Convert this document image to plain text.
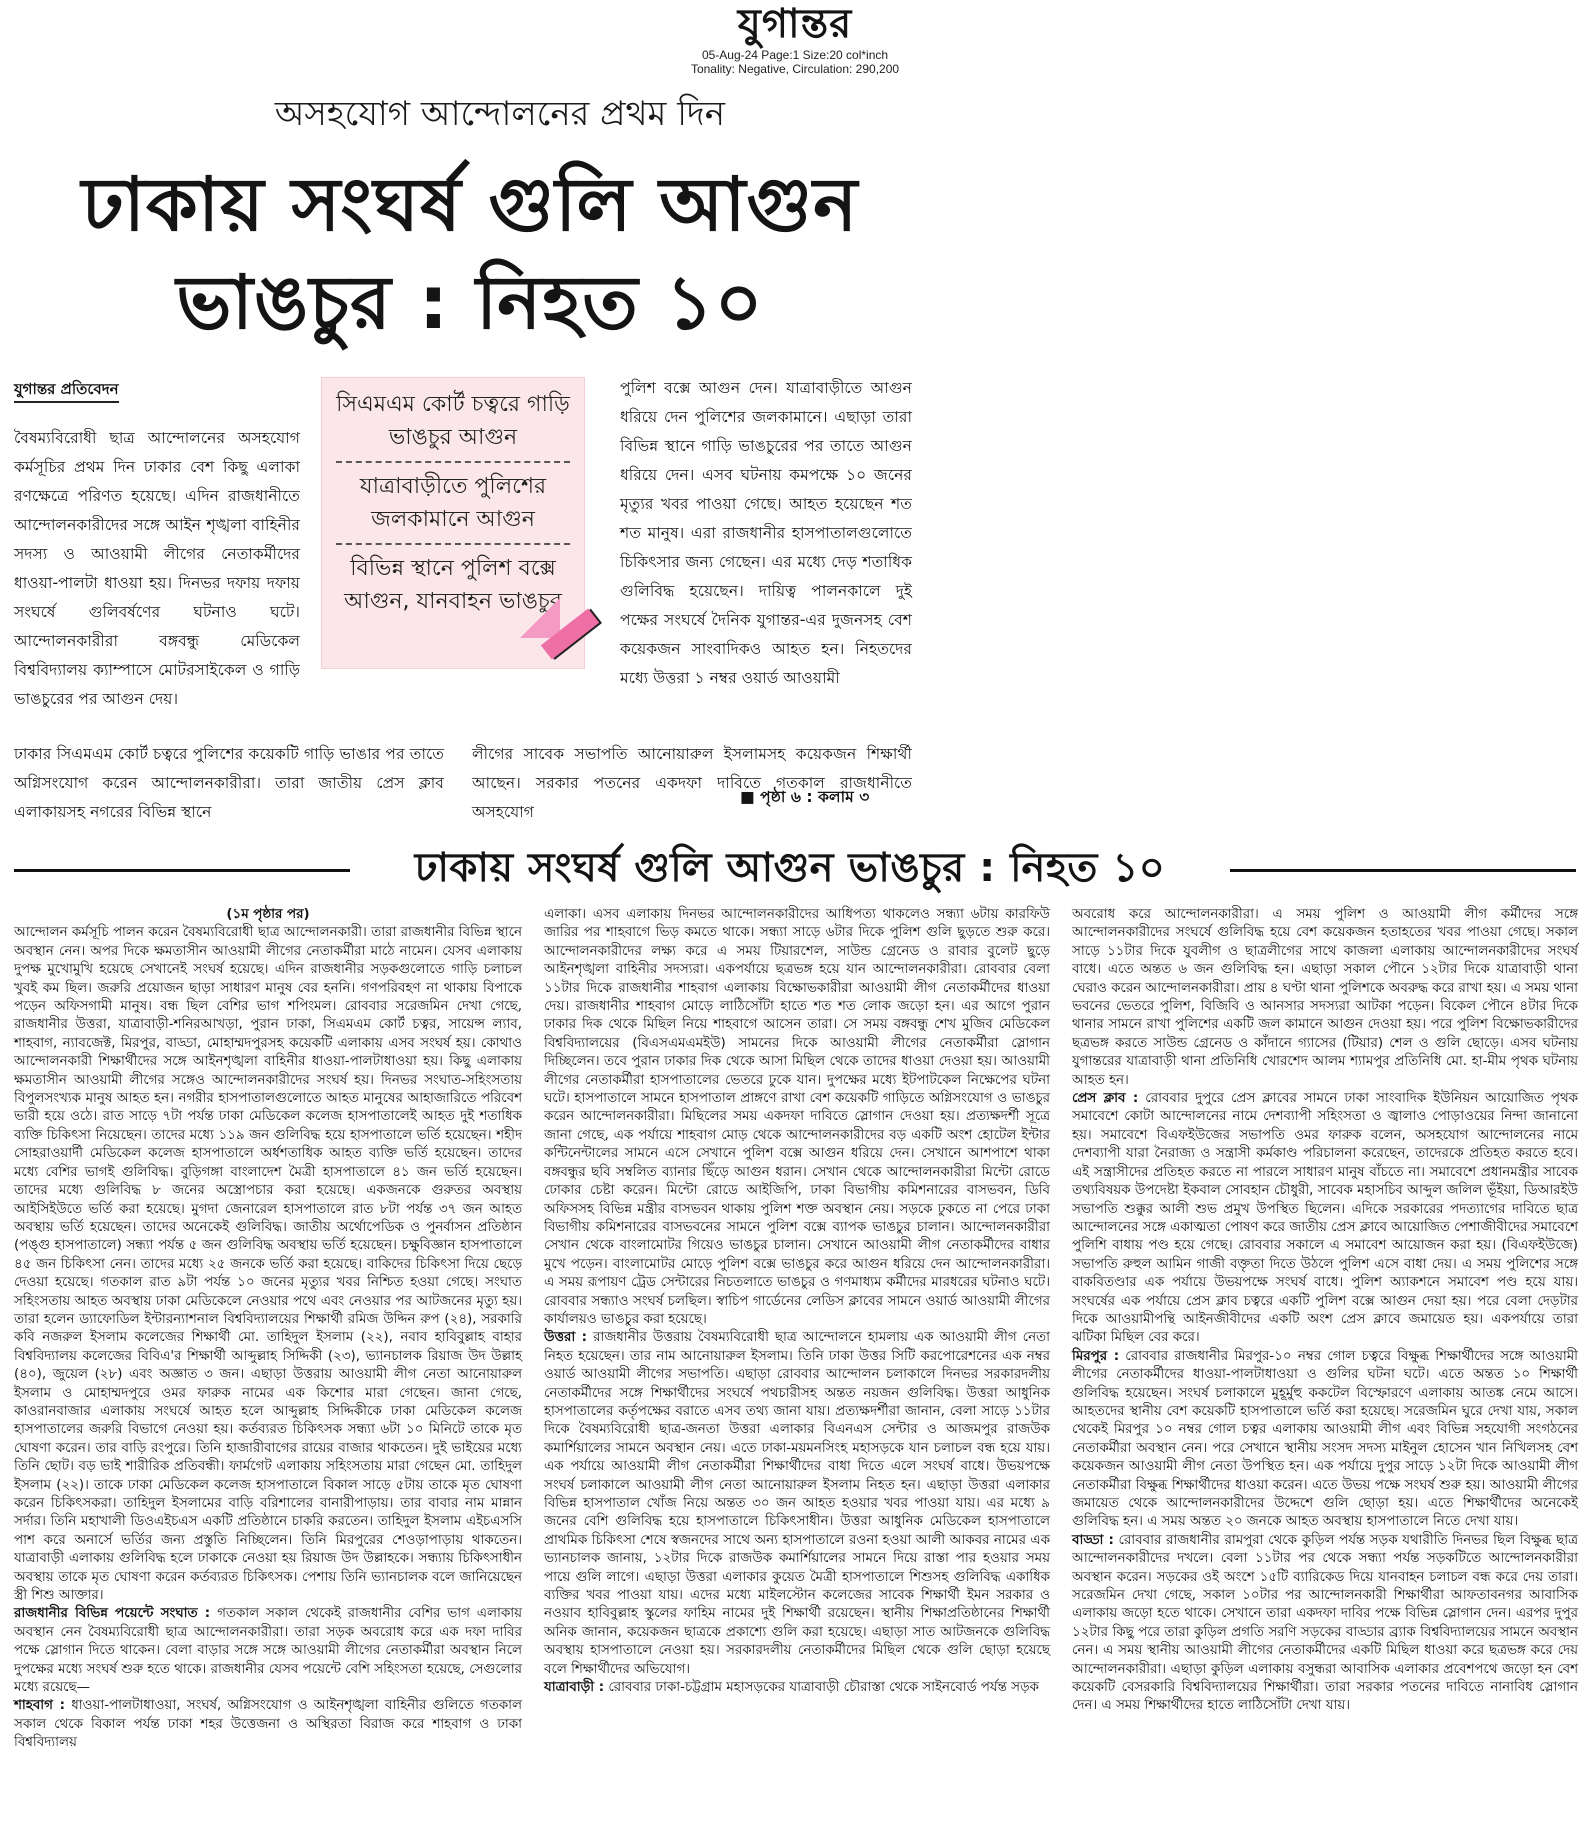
যুগান্তর
05-Aug-24 Page:1 Size:20 col*inch
Tonality: Negative, Circulation: 290,200
অসহযোগ আন্দোলনের প্রথম দিন
ঢাকায় সংঘর্ষ গুলি আগুন
ভাঙচুর : নিহত ১০
যুগান্তর প্রতিবেদন

বৈষম্যবিরোধী ছাত্র আন্দোলনের অসহযোগ কর্মসূচির প্রথম দিন ঢাকার বেশ কিছু এলাকা রণক্ষেত্রে পরিণত হয়েছে। এদিন রাজধানীতে আন্দোলনকারীদের সঙ্গে আইন শৃঙ্খলা বাহিনীর সদস্য ও আওয়ামী লীগের নেতাকর্মীদের ধাওয়া-পালটা ধাওয়া হয়। দিনভর দফায় দফায় সংঘর্ষে গুলিবর্ষণের ঘটনাও ঘটে। আন্দোলনকারীরা বঙ্গবন্ধু মেডিকেল বিশ্ববিদ্যালয় ক্যাম্পাসে মোটরসাইকেল ও গাড়ি ভাঙচুরের পর আগুন দেয়।

ঢাকার সিএমএম কোর্ট চত্বরে পুলিশের কয়েকটি গাড়ি ভাঙার পর তাতে অগ্নিসংযোগ করেন আন্দোলনকারীরা। তারা জাতীয় প্রেস ক্লাব এলাকায়সহ নগরের বিভিন্ন স্থানে

সিএমএম কোর্ট চত্বরে গাড়ি ভাঙচুর আগুন
যাত্রাবাড়ীতে পুলিশের জলকামানে আগুন
বিভিন্ন স্থানে পুলিশ বক্সে আগুন, যানবাহন ভাঙচুর

পুলিশ বক্সে আগুন দেন। যাত্রাবাড়ীতে আগুন ধরিয়ে দেন পুলিশের জলকামানে। এছাড়া তারা বিভিন্ন স্থানে গাড়ি ভাঙচুরের পর তাতে আগুন ধরিয়ে দেন। এসব ঘটনায় কমপক্ষে ১০ জনের মৃত্যুর খবর পাওয়া গেছে। আহত হয়েছেন শত শত মানুষ। এরা রাজধানীর হাসপাতালগুলোতে চিকিৎসার জন্য গেছেন। এর মধ্যে দেড় শতাধিক গুলিবিদ্ধ হয়েছেন। দায়িত্ব পালনকালে দুই পক্ষের সংঘর্ষে দৈনিক যুগান্তর-এর দুজনসহ বেশ কয়েকজন সাংবাদিকও আহত হন। নিহতদের মধ্যে উত্তরা ১ নম্বর ওয়ার্ড আওয়ামী

লীগের সাবেক সভাপতি আনোয়ারুল ইসলামসহ কয়েকজন শিক্ষার্থী আছেন। সরকার পতনের একদফা দাবিতে গতকাল রাজধানীতে অসহযোগ

■ পৃষ্ঠা ৬ : কলাম ৩
ঢাকায় সংঘর্ষ গুলি আগুন ভাঙচুর : নিহত ১০

(১ম পৃষ্ঠার পর)

আন্দোলন কর্মসূচি পালন করেন বৈষম্যবিরোধী ছাত্র আন্দোলনকারী। তারা রাজধানীর বিভিন্ন স্থানে অবস্থান নেন। অপর দিকে ক্ষমতাসীন আওয়ামী লীগের নেতাকর্মীরা মাঠে নামেন। যেসব এলাকায় দুপক্ষ মুখোমুখি হয়েছে সেখানেই সংঘর্ষ হয়েছে। এদিন রাজধানীর সড়কগুলোতে গাড়ি চলাচল খুবই কম ছিল। জরুরি প্রয়োজন ছাড়া সাধারণ মানুষ বের হননি। গণপরিবহণ না থাকায় বিপাকে পড়েন অফিসগামী মানুষ। বন্ধ ছিল বেশির ভাগ শপিংমল। রোববার সরেজমিন দেখা গেছে, রাজধানীর উত্তরা, যাত্রাবাড়ী-শনিরআখড়া, পুরান ঢাকা, সিএমএম কোর্ট চত্বর, সায়েন্স ল্যাব, শাহবাগ, ন্যাবজেক্ট, মিরপুর, বাড্ডা, মোহাম্মদপুরসহ কয়েকটি এলাকায় এসব সংঘর্ষ হয়। কোথাও আন্দোলনকারী শিক্ষার্থীদের সঙ্গে আইনশৃঙ্খলা বাহিনীর ধাওয়া-পালটাধাওয়া হয়। কিছু এলাকায় ক্ষমতাসীন আওয়ামী লীগের সঙ্গেও আন্দোলনকারীদের সংঘর্ষ হয়। দিনভর সংঘাত-সহিংসতায় বিপুলসংখ্যক মানুষ আহত হন। নগরীর হাসপাতালগুলোতে আহত মানুষের আহাজারিতে পরিবেশ ভারী হয়ে ওঠে। রাত সাড়ে ৭টা পর্যন্ত ঢাকা মেডিকেল কলেজ হাসপাতালেই আহত দুই শতাধিক ব্যক্তি চিকিৎসা নিয়েছেন। তাদের মধ্যে ১১৯ জন গুলিবিদ্ধ হয়ে হাসপাতালে ভর্তি হয়েছেন। শহীদ সোহরাওয়ার্দী মেডিকেল কলেজ হাসপাতালে অর্ধশতাধিক আহত ব্যক্তি ভর্তি হয়েছেন। তাদের মধ্যে বেশির ভাগই গুলিবিদ্ধ। বুড়িগঙ্গা বাংলাদেশ মৈত্রী হাসপাতালে ৪১ জন ভর্তি হয়েছেন। তাদের মধ্যে গুলিবিদ্ধ ৮ জনের অস্ত্রোপচার করা হয়েছে। একজনকে গুরুতর অবস্থায় আইসিইউতে ভর্তি করা হয়েছে। মুগদা জেনারেল হাসপাতালে রাত ৮টা পর্যন্ত ৩৭ জন আহত অবস্থায় ভর্তি হয়েছেন। তাদের অনেকেই গুলিবিদ্ধ। জাতীয় অর্থোপেডিক ও পুনর্বাসন প্রতিষ্ঠান (পঙ্গু হাসপাতালে) সন্ধ্যা পর্যন্ত ৫ জন গুলিবিদ্ধ অবস্থায় ভর্তি হয়েছেন। চক্ষুবিজ্ঞান হাসপাতালে ৪৫ জন চিকিৎসা নেন। তাদের মধ্যে ২৫ জনকে ভর্তি করা হয়েছে। বাকিদের চিকিৎসা দিয়ে ছেড়ে দেওয়া হয়েছে। গতকাল রাত ৯টা পর্যন্ত ১০ জনের মৃত্যুর খবর নিশ্চিত হওয়া গেছে। সংঘাত সহিংসতায় আহত অবস্থায় ঢাকা মেডিকেলে নেওয়ার পথে এবং নেওয়ার পর আটজনের মৃত্যু হয়। তারা হলেন ড্যাফোডিল ইন্টারন্যাশনাল বিশ্ববিদ্যালয়ের শিক্ষার্থী রমিজ উদ্দিন রুপ (২৪), সরকারি কবি নজরুল ইসলাম কলেজের শিক্ষার্থী মো. তাহিদুল ইসলাম (২২), নবাব হাবিবুল্লাহ বাহার বিশ্ববিদ্যালয় কলেজের বিবিএ'র শিক্ষার্থী আব্দুল্লাহ সিদ্দিকী (২৩), ভ্যানচালক রিয়াজ উদ উল্লাহ (৪০), জুয়েল (২৮) এবং অজ্ঞাত ৩ জন। এছাড়া উত্তরায় আওয়ামী লীগ নেতা আনোয়ারুল ইসলাম ও মোহাম্মদপুরে ওমর ফারুক নামের এক কিশোর মারা গেছেন। জানা গেছে, কাওরানবাজার এলাকায় সংঘর্ষে আহত হলে আব্দুল্লাহ সিদ্দিকীকে ঢাকা মেডিকেল কলেজ হাসপাতালের জরুরি বিভাগে নেওয়া হয়। কর্তব্যরত চিকিৎসক সন্ধ্যা ৬টা ১০ মিনিটে তাকে মৃত ঘোষণা করেন। তার বাড়ি রংপুরে। তিনি হাজারীবাগের রায়ের বাজার থাকতেন। দুই ভাইয়ের মধ্যে তিনি ছোট। বড় ভাই শারীরিক প্রতিবন্ধী। ফার্মগেট এলাকায় সহিংসতায় মারা গেছেন মো. তাহিদুল ইসলাম (২২)। তাকে ঢাকা মেডিকেল কলেজ হাসপাতালে বিকাল সাড়ে ৫টায় তাকে মৃত ঘোষণা করেন চিকিৎসকরা। তাহিদুল ইসলামের বাড়ি বরিশালের বানারীপাড়ায়। তার বাবার নাম মান্নান সর্দার। তিনি মহাখালী ডিওএইচএস একটি প্রতিষ্ঠানে চাকরি করতেন। তাহিদুল ইসলাম এইচএসসি পাশ করে অনার্সে ভর্তির জন্য প্রস্তুতি নিচ্ছিলেন। তিনি মিরপুরের শেওড়াপাড়ায় থাকতেন। যাত্রাবাড়ী এলাকায় গুলিবিদ্ধ হলে ঢাকাকে নেওয়া হয় রিয়াজ উদ উল্লাহকে। সন্ধ্যায় চিকিৎসাধীন অবস্থায় তাকে মৃত ঘোষণা করেন কর্তব্যরত চিকিৎসক। পেশায় তিনি ভ্যানচালক বলে জানিয়েছেন স্ত্রী শিশু আক্তার।

রাজধানীর বিভিন্ন পয়েন্টে সংঘাত : গতকাল সকাল থেকেই রাজধানীর বেশির ভাগ এলাকায় অবস্থান নেন বৈষম্যবিরোধী ছাত্র আন্দোলনকারীরা। তারা সড়ক অবরোধ করে এক দফা দাবির পক্ষে স্লোগান দিতে থাকেন। বেলা বাড়ার সঙ্গে সঙ্গে আওয়ামী লীগের নেতাকর্মীরা অবস্থান নিলে দুপক্ষের মধ্যে সংঘর্ষ শুরু হতে থাকে। রাজধানীর যেসব পয়েন্টে বেশি সহিংসতা হয়েছে, সেগুলোর মধ্যে রয়েছে—

শাহবাগ : ধাওয়া-পালটাধাওয়া, সংঘর্ষ, অগ্নিসংযোগ ও আইনশৃঙ্খলা বাহিনীর গুলিতে গতকাল সকাল থেকে বিকাল পর্যন্ত ঢাকা শহর উত্তেজনা ও অস্থিরতা বিরাজ করে শাহবাগ ও ঢাকা বিশ্ববিদ্যালয়

এলাকা। এসব এলাকায় দিনভর আন্দোলনকারীদের আধিপত্য থাকলেও সন্ধ্যা ৬টায় কারফিউ জারির পর শাহবাগে ভিড় কমতে থাকে। সন্ধ্যা সাড়ে ৬টার দিকে পুলিশ গুলি ছুড়তে শুরু করে। আন্দোলনকারীদের লক্ষ্য করে এ সময় টিয়ারশেল, সাউন্ড গ্রেনেড ও রাবার বুলেট ছুড়ে আইনশৃঙ্খলা বাহিনীর সদস্যরা। একপর্যায়ে ছত্রভঙ্গ হয়ে যান আন্দোলনকারীরা। রোববার বেলা ১১টার দিকে রাজধানীর শাহবাগ এলাকায় বিক্ষোভকারীরা আওয়ামী লীগ নেতাকর্মীদের ধাওয়া দেয়। রাজধানীর শাহবাগ মোড়ে লাঠিসোঁটা হাতে শত শত লোক জড়ো হন। এর আগে পুরান ঢাকার দিক থেকে মিছিল নিয়ে শাহবাগে আসেন তারা। সে সময় বঙ্গবন্ধু শেখ মুজিব মেডিকেল বিশ্ববিদ্যালয়ের (বিএসএমএমইউ) সামনের দিকে আওয়ামী লীগের নেতাকর্মীরা স্লোগান দিচ্ছিলেন। তবে পুরান ঢাকার দিক থেকে আসা মিছিল থেকে তাদের ধাওয়া দেওয়া হয়। আওয়ামী লীগের নেতাকর্মীরা হাসপাতালের ভেতরে ঢুকে যান। দুপক্ষের মধ্যে ইটপাটকেল নিক্ষেপের ঘটনা ঘটে। হাসপাতালে সামনে হাসপাতাল প্রাঙ্গণে রাখা বেশ কয়েকটি গাড়িতে অগ্নিসংযোগ ও ভাঙচুর করেন আন্দোলনকারীরা। মিছিলের সময় একদফা দাবিতে স্লোগান দেওয়া হয়। প্রত্যক্ষদর্শী সূত্রে জানা গেছে, এক পর্যায়ে শাহবাগ মোড় থেকে আন্দোলনকারীদের বড় একটি অংশ হোটেল ইন্টার কন্টিনেন্টালের সামনে এসে সেখানে পুলিশ বক্সে আগুন ধরিয়ে দেন। সেখানে আশপাশে থাকা বঙ্গবন্ধুর ছবি সম্বলিত ব্যানার ছিঁড়ে আগুন ধরান। সেখান থেকে আন্দোলনকারীরা মিন্টো রোডে ঢোকার চেষ্টা করেন। মিন্টো রোডে আইজিপি, ঢাকা বিভাগীয় কমিশনারের বাসভবন, ডিবি অফিসসহ বিভিন্ন মন্ত্রীর বাসভবন থাকায় পুলিশ শক্ত অবস্থান নেয়। সড়কে ঢুকতে না পেরে ঢাকা বিভাগীয় কমিশনারের বাসভবনের সামনে পুলিশ বক্সে ব্যাপক ভাঙচুর চালান। আন্দোলনকারীরা সেখান থেকে বাংলামোটর গিয়েও ভাঙচুর চালান। সেখানে আওয়ামী লীগ নেতাকর্মীদের বাধার মুখে পড়েন। বাংলামোটর মোড়ে পুলিশ বক্সে ভাঙচুর করে আগুন ধরিয়ে দেন আন্দোলনকারীরা। এ সময় রূপায়ণ ট্রেড সেন্টারের নিচতলাতে ভাঙচুর ও গণমাধ্যম কর্মীদের মারধরের ঘটনাও ঘটে। রোববার সন্ধ্যাও সংঘর্ষ চলছিল। স্বাচিপ গার্ডেনের লেডিস ক্লাবের সামনে ওয়ার্ড আওয়ামী লীগের কার্যালয়ও ভাঙচুর করা হয়েছে।

উত্তরা : রাজধানীর উত্তরায় বৈষম্যবিরোধী ছাত্র আন্দোলনে হামলায় এক আওয়ামী লীগ নেতা নিহত হয়েছেন। তার নাম আনোয়ারুল ইসলাম। তিনি ঢাকা উত্তর সিটি করপোরেশনের এক নম্বর ওয়ার্ড আওয়ামী লীগের সভাপতি। এছাড়া রোববার আন্দোলন চলাকালে দিনভর সরকারদলীয় নেতাকর্মীদের সঙ্গে শিক্ষার্থীদের সংঘর্ষে পথচারীসহ অন্তত নয়জন গুলিবিদ্ধ। উত্তরা আধুনিক হাসপাতালের কর্তৃপক্ষের বরাতে এসব তথ্য জানা যায়। প্রত্যক্ষদর্শীরা জানান, বেলা সাড়ে ১১টার দিকে বৈষম্যবিরোধী ছাত্র-জনতা উত্তরা এলাকার বিএনএস সেন্টার ও আজমপুর রাজউক কমার্শিয়ালের সামনে অবস্থান নেয়। এতে ঢাকা-ময়মনসিংহ মহাসড়কে যান চলাচল বন্ধ হয়ে যায়। এক পর্যায়ে আওয়ামী লীগ নেতাকর্মীরা শিক্ষার্থীদের বাধা দিতে এলে সংঘর্ষ বাধে। উভয়পক্ষে সংঘর্ষ চলাকালে আওয়ামী লীগ নেতা আনোয়ারুল ইসলাম নিহত হন। এছাড়া উত্তরা এলাকার বিভিন্ন হাসপাতাল খোঁজ নিয়ে অন্তত ৩০ জন আহত হওয়ার খবর পাওয়া যায়। এর মধ্যে ৯ জনের বেশি গুলিবিদ্ধ হয়ে হাসপাতালে চিকিৎসাধীন। উত্তরা আধুনিক মেডিকেল হাসপাতালে প্রাথমিক চিকিৎসা শেষে স্বজনদের সাথে অন্য হাসপাতালে রওনা হওয়া আলী আকবর নামের এক ভ্যানচালক জানায়, ১২টার দিকে রাজউক কমার্শিয়ালের সামনে দিয়ে রাস্তা পার হওয়ার সময় পায়ে গুলি লাগে। এছাড়া উত্তরা এলাকার কুয়েত মৈত্রী হাসপাতালে শিশুসহ গুলিবিদ্ধ একাধিক ব্যক্তির খবর পাওয়া যায়। এদের মধ্যে মাইলস্টোন কলেজের সাবেক শিক্ষার্থী ইমন সরকার ও নওয়াব হাবিবুল্লাহ স্কুলের ফাহিম নামের দুই শিক্ষার্থী রয়েছেন। স্থানীয় শিক্ষাপ্রতিষ্ঠানের শিক্ষার্থী অনিক জানান, কয়েকজন ছাত্রকে প্রকাশ্যে গুলি করা হয়েছে। এছাড়া সাত আটজনকে গুলিবিদ্ধ অবস্থায় হাসপাতালে নেওয়া হয়। সরকারদলীয় নেতাকর্মীদের মিছিল থেকে গুলি ছোড়া হয়েছে বলে শিক্ষার্থীদের অভিযোগ।

যাত্রাবাড়ী : রোববার ঢাকা-চট্টগ্রাম মহাসড়কের যাত্রাবাড়ী চৌরাস্তা থেকে সাইনবোর্ড পর্যন্ত সড়ক

অবরোধ করে আন্দোলনকারীরা। এ সময় পুলিশ ও আওয়ামী লীগ কর্মীদের সঙ্গে আন্দোলনকারীদের সংঘর্ষে গুলিবিদ্ধ হয়ে বেশ কয়েকজন হতাহতের খবর পাওয়া গেছে। সকাল সাড়ে ১১টার দিকে যুবলীগ ও ছাত্রলীগের সাথে কাজলা এলাকায় আন্দোলনকারীদের সংঘর্ষ বাধে। এতে অন্তত ৬ জন গুলিবিদ্ধ হন। এছাড়া সকাল পৌনে ১২টার দিকে যাত্রাবাড়ী থানা ঘেরাও করেন আন্দোলনকারীরা। প্রায় ৪ ঘণ্টা থানা পুলিশকে অবরুদ্ধ করে রাখা হয়। এ সময় থানা ভবনের ভেতরে পুলিশ, বিজিবি ও আনসার সদস্যরা আটকা পড়েন। বিকেল পৌনে ৪টার দিকে থানার সামনে রাখা পুলিশের একটি জল কামানে আগুন দেওয়া হয়। পরে পুলিশ বিক্ষোভকারীদের ছত্রভঙ্গ করতে সাউন্ড গ্রেনেড ও কাঁদানে গ্যাসের (টিয়ার) শেল ও গুলি ছোড়ে। এসব ঘটনায় যুগান্তরের যাত্রাবাড়ী থানা প্রতিনিধি খোরশেদ আলম শ্যামপুর প্রতিনিধি মো. হা-মীম পৃথক ঘটনায় আহত হন।

প্রেস ক্লাব : রোববার দুপুরে প্রেস ক্লাবের সামনে ঢাকা সাংবাদিক ইউনিয়ন আয়োজিত পৃথক সমাবেশে কোটা আন্দোলনের নামে দেশব্যাপী সহিংসতা ও জ্বালাও পোড়াওয়ের নিন্দা জানানো হয়। সমাবেশে বিএফইউজের সভাপতি ওমর ফারুক বলেন, অসহযোগ আন্দোলনের নামে দেশব্যাপী যারা নৈরাজ্য ও সন্ত্রাসী কর্মকাণ্ড পরিচালনা করেছেন, তাদেরকে প্রতিহত করতে হবে। এই সন্ত্রাসীদের প্রতিহত করতে না পারলে সাধারণ মানুষ বাঁচতে না। সমাবেশে প্রধানমন্ত্রীর সাবেক তথ্যবিষয়ক উপদেষ্টা ইকবাল সোবহান চৌধুরী, সাবেক মহাসচিব আব্দুল জলিল ভূঁইয়া, ডিআরইউ সভাপতি শুক্কুর আলী শুভ প্রমুখ উপস্থিত ছিলেন। এদিকে সরকারের পদত্যাগের দাবিতে ছাত্র আন্দোলনের সঙ্গে একাত্মতা পোষণ করে জাতীয় প্রেস ক্লাবে আয়োজিত পেশাজীবীদের সমাবেশে পুলিশি বাধায় পণ্ড হয়ে গেছে। রোববার সকালে এ সমাবেশ আয়োজন করা হয়। (বিএফইউজে) সভাপতি রুহুল আমিন গাজী বক্তৃতা দিতে উঠলে পুলিশ এসে বাধা দেয়। এ সময় পুলিশের সঙ্গে বাকবিতণ্ডার এক পর্যায়ে উভয়পক্ষে সংঘর্ষ বাধে। পুলিশ অ্যাকশনে সমাবেশ পণ্ড হয়ে যায়। সংঘর্ষের এক পর্যায়ে প্রেস ক্লাব চত্বরে একটি পুলিশ বক্সে আগুন দেয়া হয়। পরে বেলা দেড়টার দিকে আওয়ামীপন্থি আইনজীবীদের একটি অংশ প্রেস ক্লাবে জমায়েত হয়। একপর্যায়ে তারা ঝটিকা মিছিল বের করে।

মিরপুর : রোববার রাজধানীর মিরপুর-১০ নম্বর গোল চত্বরে বিক্ষুব্ধ শিক্ষার্থীদের সঙ্গে আওয়ামী লীগের নেতাকর্মীদের ধাওয়া-পালটাধাওয়া ও গুলির ঘটনা ঘটে। এতে অন্তত ১০ শিক্ষার্থী গুলিবিদ্ধ হয়েছেন। সংঘর্ষ চলাকালে মুহূর্মুহু ককটেল বিস্ফোরণে এলাকায় আতঙ্ক নেমে আসে। আহতদের স্থানীয় বেশ কয়েকটি হাসপাতালে ভর্তি করা হয়েছে। সরেজমিন ঘুরে দেখা যায়, সকাল থেকেই মিরপুর ১০ নম্বর গোল চত্বর এলাকায় আওয়ামী লীগ এবং বিভিন্ন সহযোগী সংগঠনের নেতাকর্মীরা অবস্থান নেন। পরে সেখানে স্থানীয় সংসদ সদস্য মাইনুল হোসেন খান নিখিলসহ বেশ কয়েকজন আওয়ামী লীগ নেতা উপস্থিত হন। এক পর্যায়ে দুপুর সাড়ে ১২টা দিকে আওয়ামী লীগ নেতাকর্মীরা বিক্ষুব্ধ শিক্ষার্থীদের ধাওয়া করেন। এতে উভয় পক্ষে সংঘর্ষ শুরু হয়। আওয়ামী লীগের জমায়েত থেকে আন্দোলনকারীদের উদ্দেশে গুলি ছোড়া হয়। এতে শিক্ষার্থীদের অনেকেই গুলিবিদ্ধ হন। এ সময় অন্তত ২০ জনকে আহত অবস্থায় হাসপাতালে নিতে দেখা যায়।

বাড্ডা : রোববার রাজধানীর রামপুরা থেকে কুড়িল পর্যন্ত সড়ক যথারীতি দিনভর ছিল বিক্ষুব্ধ ছাত্র আন্দোলনকারীদের দখলে। বেলা ১১টার পর থেকে সন্ধ্যা পর্যন্ত সড়কটিতে আন্দোলনকারীরা অবস্থান করেন। সড়কের ওই অংশে ১৫টি ব্যারিকেড দিয়ে যানবাহন চলাচল বন্ধ করে দেয় তারা। সরেজমিন দেখা গেছে, সকাল ১০টার পর আন্দোলনকারী শিক্ষার্থীরা আফতাবনগর আবাসিক এলাকায় জড়ো হতে থাকে। সেখানে তারা একদফা দাবির পক্ষে বিভিন্ন স্লোগান দেন। এরপর দুপুর ১২টার কিছু পরে তারা কুড়িল প্রগতি সরণি সড়কের বাড্ডার ব্র্যাক বিশ্ববিদ্যালয়ের সামনে অবস্থান নেন। এ সময় স্থানীয় আওয়ামী লীগের নেতাকর্মীদের একটি মিছিল ধাওয়া করে ছত্রভঙ্গ করে দেয় আন্দোলনকারীরা। এছাড়া কুড়িল এলাকায় বসুন্ধরা আবাসিক এলাকার প্রবেশপথে জড়ো হন বেশ কয়েকটি বেসরকারি বিশ্ববিদ্যালয়ের শিক্ষার্থীরা। তারা সরকার পতনের দাবিতে নানাবিধ স্লোগান দেন। এ সময় শিক্ষার্থীদের হাতে লাঠিসোঁটা দেখা যায়।
